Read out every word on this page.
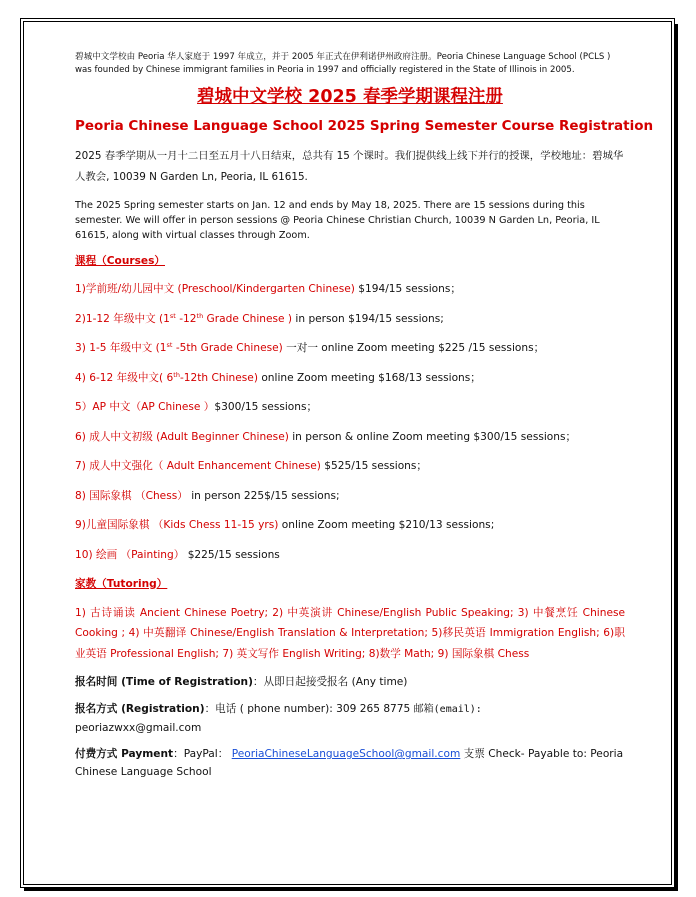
碧城中文学校由 Peoria 华人家庭于 1997 年成立，并于 2005 年正式在伊利诺伊州政府注册。Peoria Chinese Language School (PCLS ) was founded by Chinese immigrant families in Peoria in 1997 and officially registered in the State of Illinois in 2005.

碧城中文学校 2025 春季学期课程注册

Peoria Chinese Language School 2025 Spring Semester Course Registration

2025 春季学期从一月十二日至五月十八日结束，总共有 15 个课时。我们提供线上线下并行的授课，学校地址：碧城华人教会, 10039 N Garden Ln, Peoria, IL 61615.

The 2025 Spring semester starts on Jan. 12 and ends by May 18, 2025. There are 15 sessions during this semester. We will offer in person sessions @ Peoria Chinese Christian Church, 10039 N Garden Ln, Peoria, IL 61615, along with virtual classes through Zoom.

课程（Courses）

1)学前班/幼儿园中文 (Preschool/Kindergarten Chinese) $194/15 sessions；

2)1-12 年级中文 (1st -12th Grade Chinese ) in person $194/15 sessions;

3) 1-5 年级中文 (1st -5th Grade Chinese) 一对一 online Zoom meeting $225 /15 sessions；

4) 6-12 年级中文( 6th-12th Chinese) online Zoom meeting $168/13 sessions；

5）AP 中文（AP Chinese ）$300/15 sessions；

6) 成人中文初级 (Adult Beginner Chinese) in person & online Zoom meeting $300/15 sessions；

7) 成人中文强化（ Adult Enhancement Chinese) $525/15 sessions；

8) 国际象棋 （Chess） in person 225$/15 sessions;

9)儿童国际象棋 （Kids Chess 11-15 yrs) online Zoom meeting $210/13 sessions;

10) 绘画 （Painting） $225/15 sessions

家教（Tutoring）

1) 古诗诵读 Ancient Chinese Poetry; 2) 中英演讲 Chinese/English Public Speaking; 3) 中餐烹饪 Chinese Cooking ; 4) 中英翻译 Chinese/English Translation & Interpretation; 5)移民英语 Immigration English; 6)职业英语 Professional English; 7) 英文写作 English Writing; 8)数学 Math; 9) 国际象棋 Chess

报名时间 (Time of Registration)：从即日起接受报名 (Any time)

报名方式 (Registration)：电话 ( phone number): 309 265 8775 邮箱(email):
peoriazwxx@gmail.com

付费方式 Payment：PayPal： PeoriaChineseLanguageSchool@gmail.com 支票 Check- Payable to: Peoria Chinese Language School
